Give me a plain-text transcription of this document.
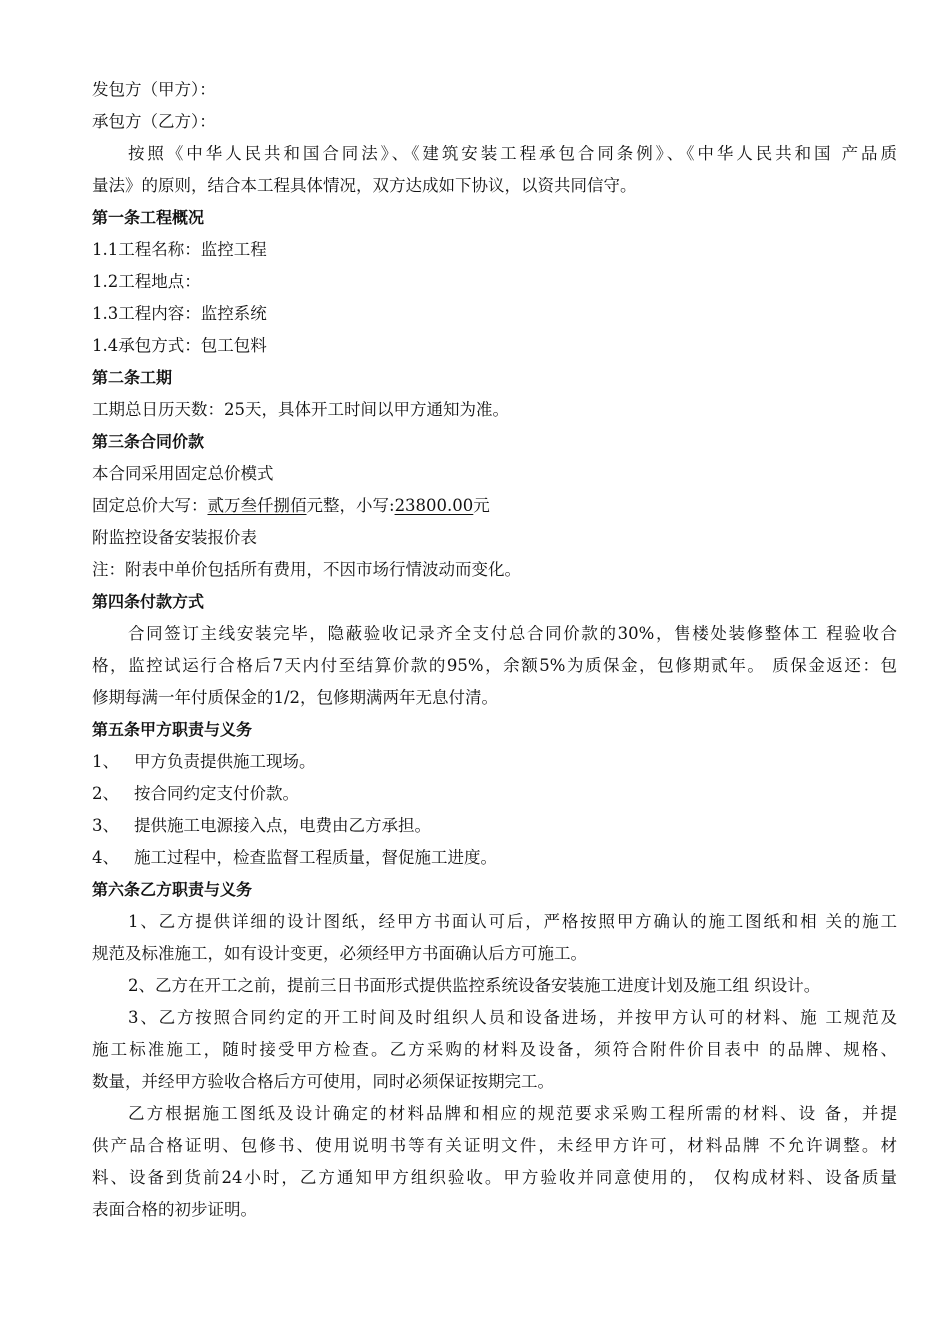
发包方（甲方）：
承包方（乙方）：
按照《中华人民共和国合同法》、《建筑安装工程承包合同条例》、《中华人民共和国 产品质
量法》的原则，结合本工程具体情况，双方达成如下协议，以资共同信守。
第一条工程概况
1.1工程名称：监控工程
1.2工程地点：
1.3工程内容：监控系统
1.4承包方式：包工包料
第二条工期
工期总日历天数：25天，具体开工时间以甲方通知为准。
第三条合同价款
本合同采用固定总价模式
固定总价大写：贰万叁仟捌佰元整，小写:23800.00元
附监控设备安装报价表
注：附表中单价包括所有费用，不因市场行情波动而变化。
第四条付款方式
合同签订主线安装完毕，隐蔽验收记录齐全支付总合同价款的30%，售楼处装修整体工 程验收合
格，监控试运行合格后7天内付至结算价款的95%，余额5%为质保金，包修期贰年。 质保金返还：包
修期每满一年付质保金的1/2，包修期满两年无息付清。
第五条甲方职责与义务
1、 甲方负责提供施工现场。
2、 按合同约定支付价款。
3、 提供施工电源接入点，电费由乙方承担。
4、 施工过程中，检查监督工程质量，督促施工进度。
第六条乙方职责与义务
1、乙方提供详细的设计图纸，经甲方书面认可后，严格按照甲方确认的施工图纸和相 关的施工
规范及标准施工，如有设计变更，必须经甲方书面确认后方可施工。
2、乙方在开工之前，提前三日书面形式提供监控系统设备安装施工进度计划及施工组 织设计。
3、乙方按照合同约定的开工时间及时组织人员和设备进场，并按甲方认可的材料、施 工规范及
施工标准施工，随时接受甲方检查。乙方采购的材料及设备，须符合附件价目表中 的品牌、规格、
数量，并经甲方验收合格后方可使用，同时必须保证按期完工。
乙方根据施工图纸及设计确定的材料品牌和相应的规范要求采购工程所需的材料、设 备，并提
供产品合格证明、包修书、使用说明书等有关证明文件，未经甲方许可，材料品牌 不允许调整。材
料、设备到货前24小时，乙方通知甲方组织验收。甲方验收并同意使用的， 仅构成材料、设备质量
表面合格的初步证明。
